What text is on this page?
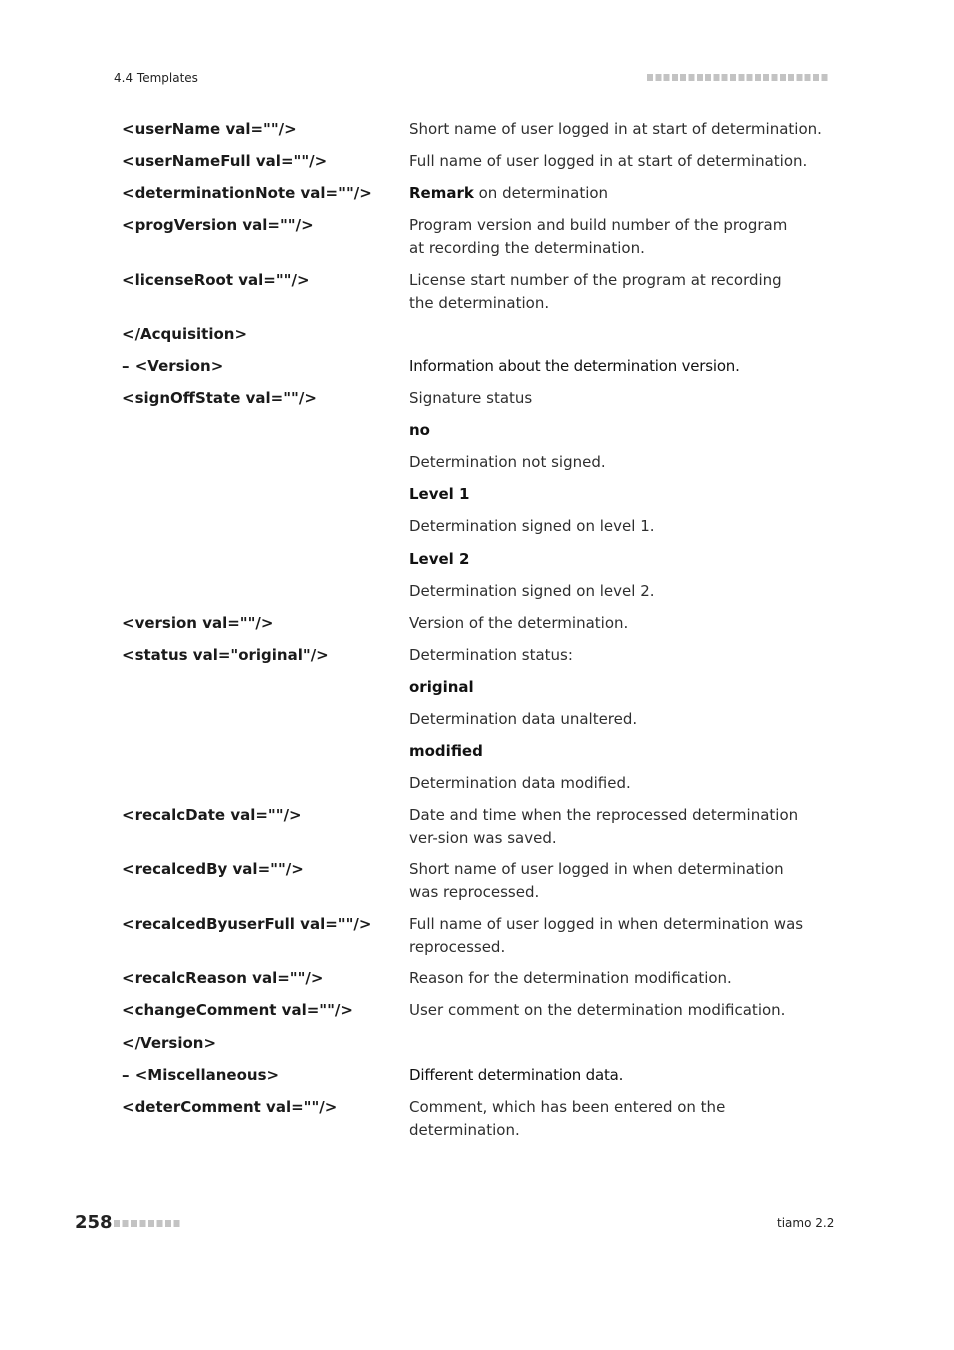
4.4 Templates
<userName val=""/>	Short name of user logged in at start of determination.
<userNameFull val=""/>	Full name of user logged in at start of determination.
<determinationNote val=""/>	Remark on determination
<progVersion val=""/>	Program version and build number of the program at recording the determination.
<licenseRoot val=""/>	License start number of the program at recording the determination.
</Acquisition>
– <Version>	Information about the determination version.
<signOffState val=""/>	Signature status
no
Determination not signed.
Level 1
Determination signed on level 1.
Level 2
Determination signed on level 2.
<version val=""/>	Version of the determination.
<status val="original"/>	Determination status:
original
Determination data unaltered.
modified
Determination data modified.
<recalcDate val=""/>	Date and time when the reprocessed determination ver-sion was saved.
<recalcedBy val=""/>	Short name of user logged in when determination was reprocessed.
<recalcedByuserFull val=""/>	Full name of user logged in when determination was reprocessed.
<recalcReason val=""/>	Reason for the determination modification.
<changeComment val=""/>	User comment on the determination modification.
</Version>
– <Miscellaneous>	Different determination data.
<deterComment val=""/>	Comment, which has been entered on the determination.
258	tiamo 2.2
